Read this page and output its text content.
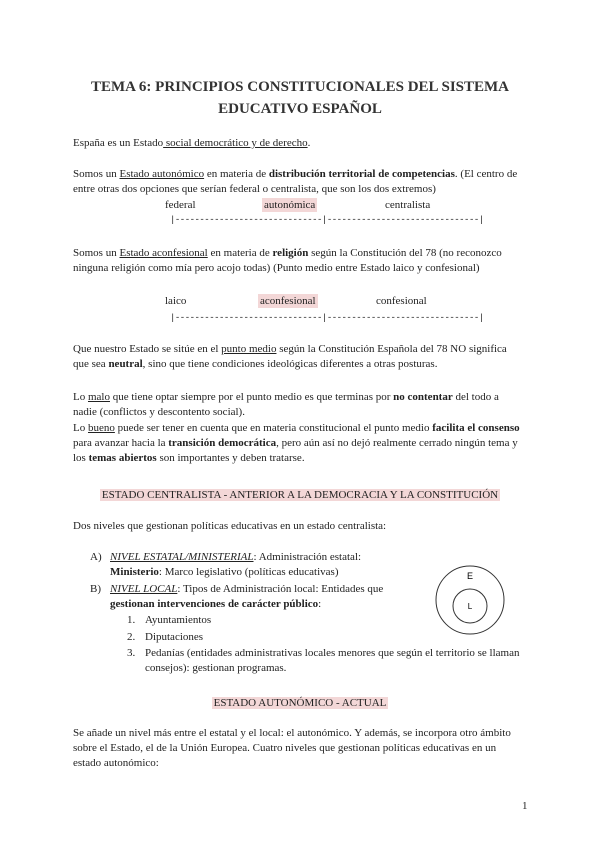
TEMA 6: PRINCIPIOS CONSTITUCIONALES DEL SISTEMA EDUCATIVO ESPAÑOL
España es un Estado social democrático y de derecho.
Somos un Estado autonómico en materia de distribución territorial de competencias. (El centro de entre otras dos opciones que serían federal o centralista, que son los dos extremos)
federal	autonómica	centralista
|------------------------------|-------------------------------|
Somos un Estado aconfesional en materia de religión según la Constitución del 78 (no reconozco ninguna religión como mía pero acojo todas) (Punto medio entre Estado laico y confesional)
laico	aconfesional	confesional
|------------------------------|-------------------------------|
Que nuestro Estado se sitúe en el punto medio según la Constitución Española del 78 NO significa que sea neutral, sino que tiene condiciones ideológicas diferentes a otras posturas.
Lo malo que tiene optar siempre por el punto medio es que terminas por no contentar del todo a nadie (conflictos y descontento social).
Lo bueno puede ser tener en cuenta que en materia constitucional el punto medio facilita el consenso para avanzar hacia la transición democrática, pero aún así no dejó realmente cerrado ningún tema y los temas abiertos son importantes y deben tratarse.
ESTADO CENTRALISTA - ANTERIOR A LA DEMOCRACIA Y LA CONSTITUCIÓN
Dos niveles que gestionan políticas educativas en un estado centralista:
A) NIVEL ESTATAL/MINISTERIAL: Administración estatal:
Ministerio: Marco legislativo (políticas educativas)
B) NIVEL LOCAL: Tipos de Administración local: Entidades que
gestionan intervenciones de carácter público:
1. Ayuntamientos
2. Diputaciones
3. Pedanías (entidades administrativas locales menores que según el territorio se llaman consejos): gestionan programas.
E
L
ESTADO AUTONÓMICO - ACTUAL
Se añade un nivel más entre el estatal y el local: el autonómico. Y además, se incorpora otro ámbito sobre el Estado, el de la Unión Europea. Cuatro niveles que gestionan políticas educativas en un estado autonómico:
1
